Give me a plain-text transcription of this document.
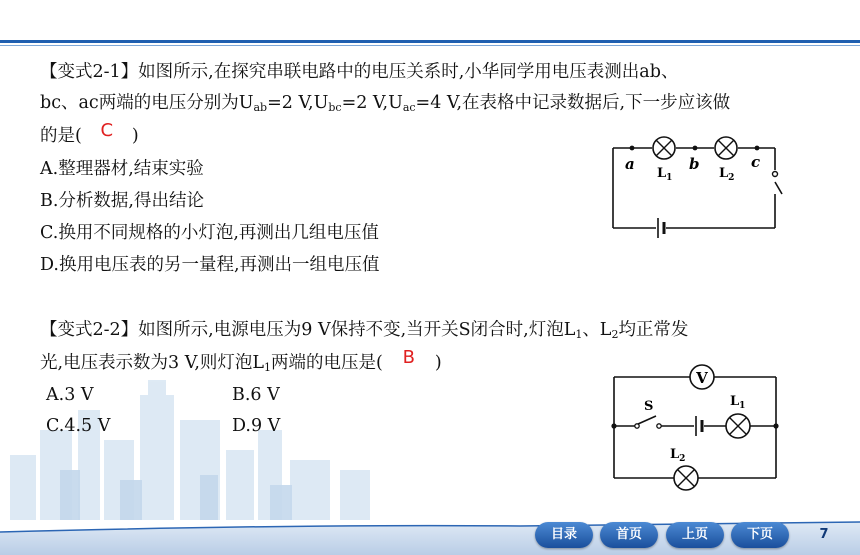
【变式2-1】如图所示,在探究串联电路中的电压关系时,小华同学用电压表测出ab、
bc、ac两端的电压分别为$U_{ab}=2$ $V,U_{bc}=2$ $V,U_{ac}=4$ V,在表格中记录数据后,下一步应该做
的是( C )
A.整理器材,结束实验
B.分析数据,得出结论
C.换用不同规格的小灯泡,再测出几组电压值
D.换用电压表的另一量程,再测出一组电压值
a	b	c
$L_1$	$L_2$
【变式2-2】如图所示,电源电压为9 V保持不变,当开关S闭合时,灯泡$L_1$、$L_2$均正常发
光,电压表示数为3 V,则灯泡$L_1$两端的电压是( B )
A.3 V	B.6 V
C.4.5 V	D.9 V
V
S	$L_1$
$L_2$
目录	首页	上页	下页	7
